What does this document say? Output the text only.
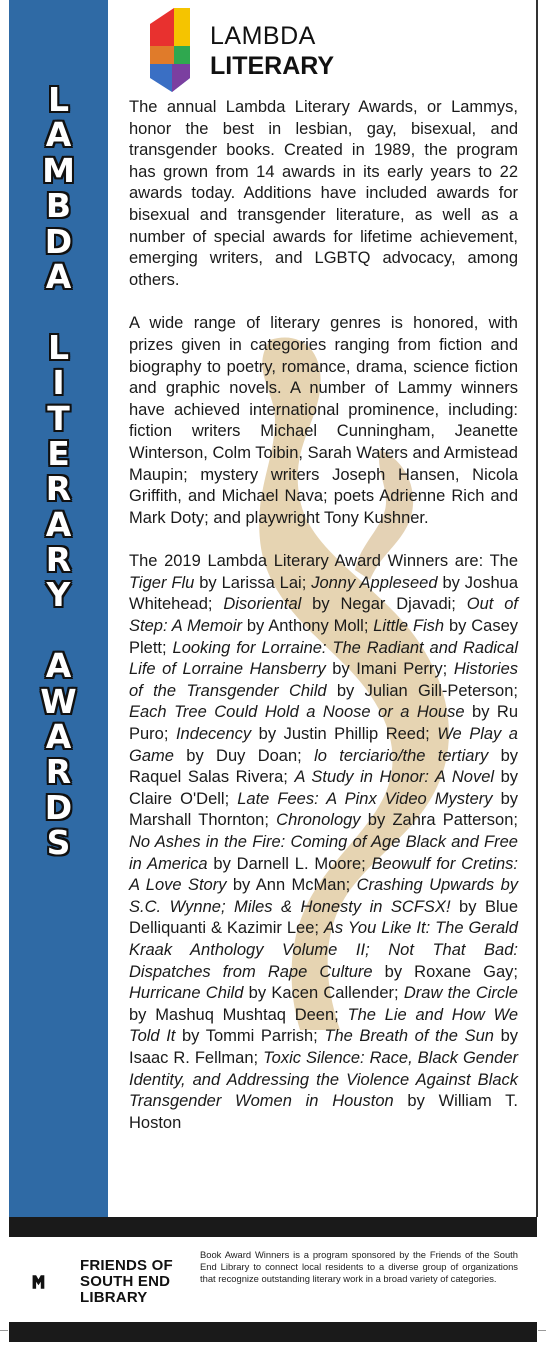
L
A
M
B
D
A
L
I
T
E
R
A
R
Y
A
W
A
R
D
S
LAMBDA
LITERARY

The annual Lambda Literary Awards, or Lammys, honor the best in lesbian, gay, bisexual, and transgender books. Created in 1989, the program has grown from 14 awards in its early years to 22 awards today. Additions have included awards for bisexual and transgender literature, as well as a number of special awards for lifetime achievement, emerging writers, and LGBTQ advocacy, among others.

A wide range of literary genres is honored, with prizes given in categories ranging from fiction and biography to poetry, romance, drama, science fiction and graphic novels. A number of Lammy winners have achieved international prominence, including: fiction writers Michael Cunningham, Jeanette Winterson, Colm Toibin, Sarah Waters and Armistead Maupin; mystery writers Joseph Hansen, Nicola Griffith, and Michael Nava; poets Adrienne Rich and Mark Doty; and playwright Tony Kushner.

The 2019 Lambda Literary Award Winners are: The Tiger Flu by Larissa Lai; Jonny Appleseed by Joshua Whitehead; Disoriental by Negar Djavadi; Out of Step: A Memoir by Anthony Moll; Little Fish by Casey Plett; Looking for Lorraine: The Radiant and Radical Life of Lorraine Hansberry by Imani Perry; Histories of the Transgender Child by Julian Gill-Peterson; Each Tree Could Hold a Noose or a House by Ru Puro; Indecency by Justin Phillip Reed; We Play a Game by Duy Doan; lo terciario/the tertiary by Raquel Salas Rivera; A Study in Honor: A Novel by Claire O'Dell; Late Fees: A Pinx Video Mystery by Marshall Thornton; Chronology by Zahra Patterson; No Ashes in the Fire: Coming of Age Black and Free in America by Darnell L. Moore; Beowulf for Cretins: A Love Story by Ann McMan; Crashing Upwards by S.C. Wynne; Miles & Honesty in SCFSX! by Blue Delliquanti & Kazimir Lee; As You Like It: The Gerald Kraak Anthology Volume II; Not That Bad: Dispatches from Rape Culture by Roxane Gay; Hurricane Child by Kacen Callender; Draw the Circle by Mashuq Mushtaq Deen; The Lie and How We Told It by Tommi Parrish; The Breath of the Sun by Isaac R. Fellman; Toxic Silence: Race, Black Gender Identity, and Addressing the Violence Against Black Transgender Women in Houston by William T. Hoston

FRIENDS OF
SOUTH END
LIBRARY
Book Award Winners is a program sponsored by the Friends of the South End Library to connect local residents to a diverse group of organizations that recognize outstanding literary work in a broad variety of categories.
